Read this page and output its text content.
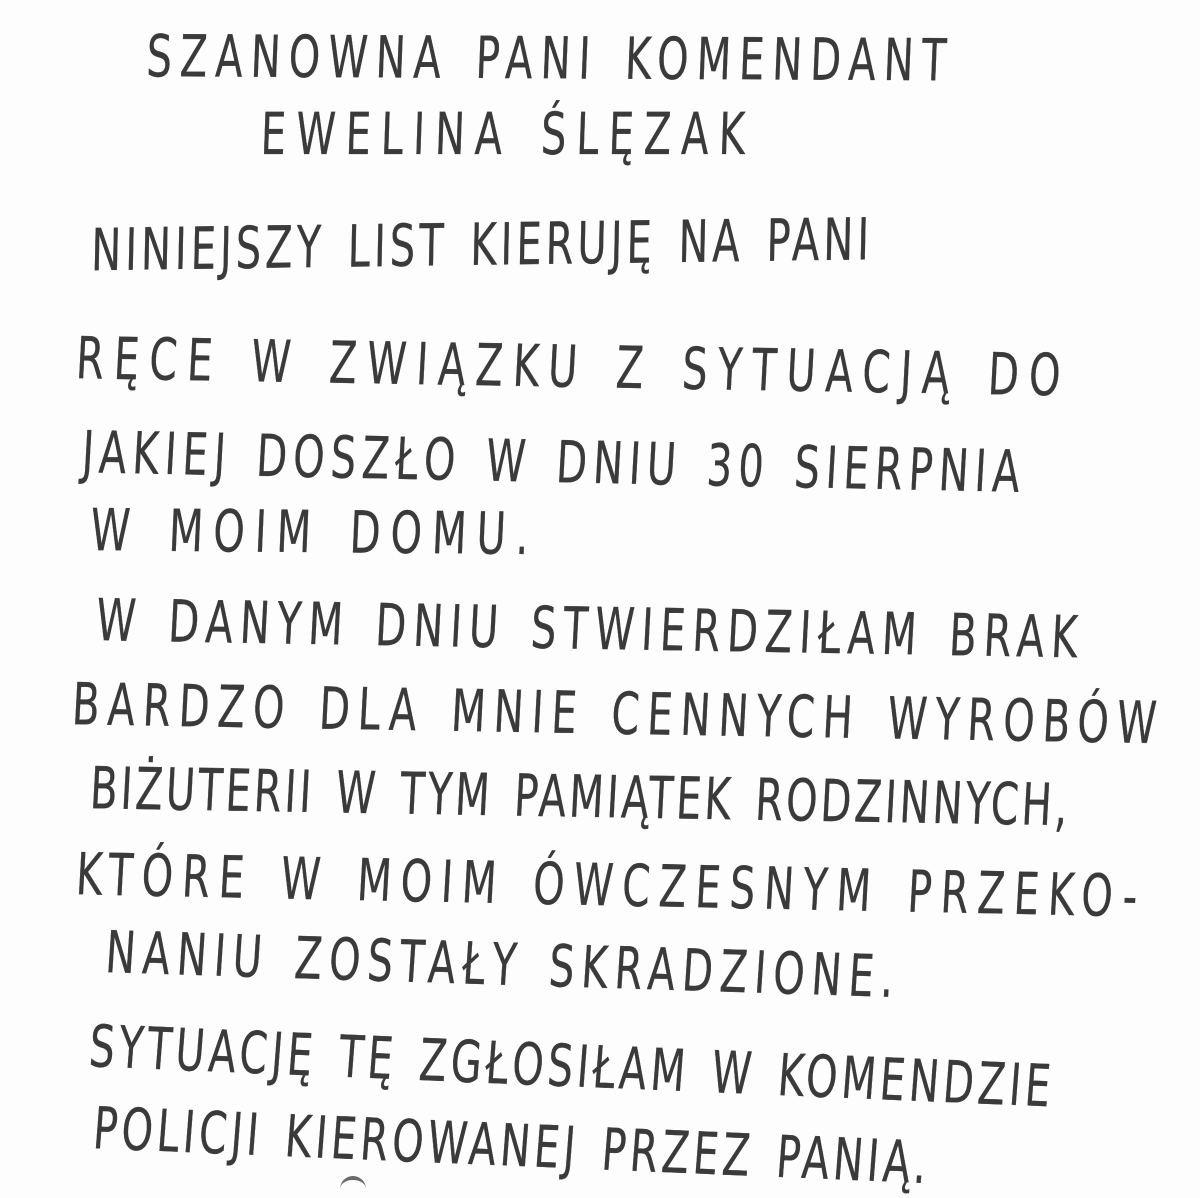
SZANOWNA PANI KOMENDANT
EWELINA ŚLĘZAK
NINIEJSZY LIST KIERUJĘ NA PANI
RĘCE W ZWIĄZKU Z SYTUACJĄ DO
JAKIEJ DOSZŁO W DNIU 30 SIERPNIA
W MOIM DOMU.
W DANYM DNIU STWIERDZIŁAM BRAK
BARDZO DLA MNIE CENNYCH WYROBÓW
BIŻUTERII W TYM PAMIĄTEK RODZINNYCH,
KTÓRE W MOIM ÓWCZESNYM PRZEKO-
NANIU ZOSTAŁY SKRADZIONE.
SYTUACJĘ TĘ ZGŁOSIŁAM W KOMENDZIE
POLICJI KIEROWANEJ PRZEZ PANIĄ.
